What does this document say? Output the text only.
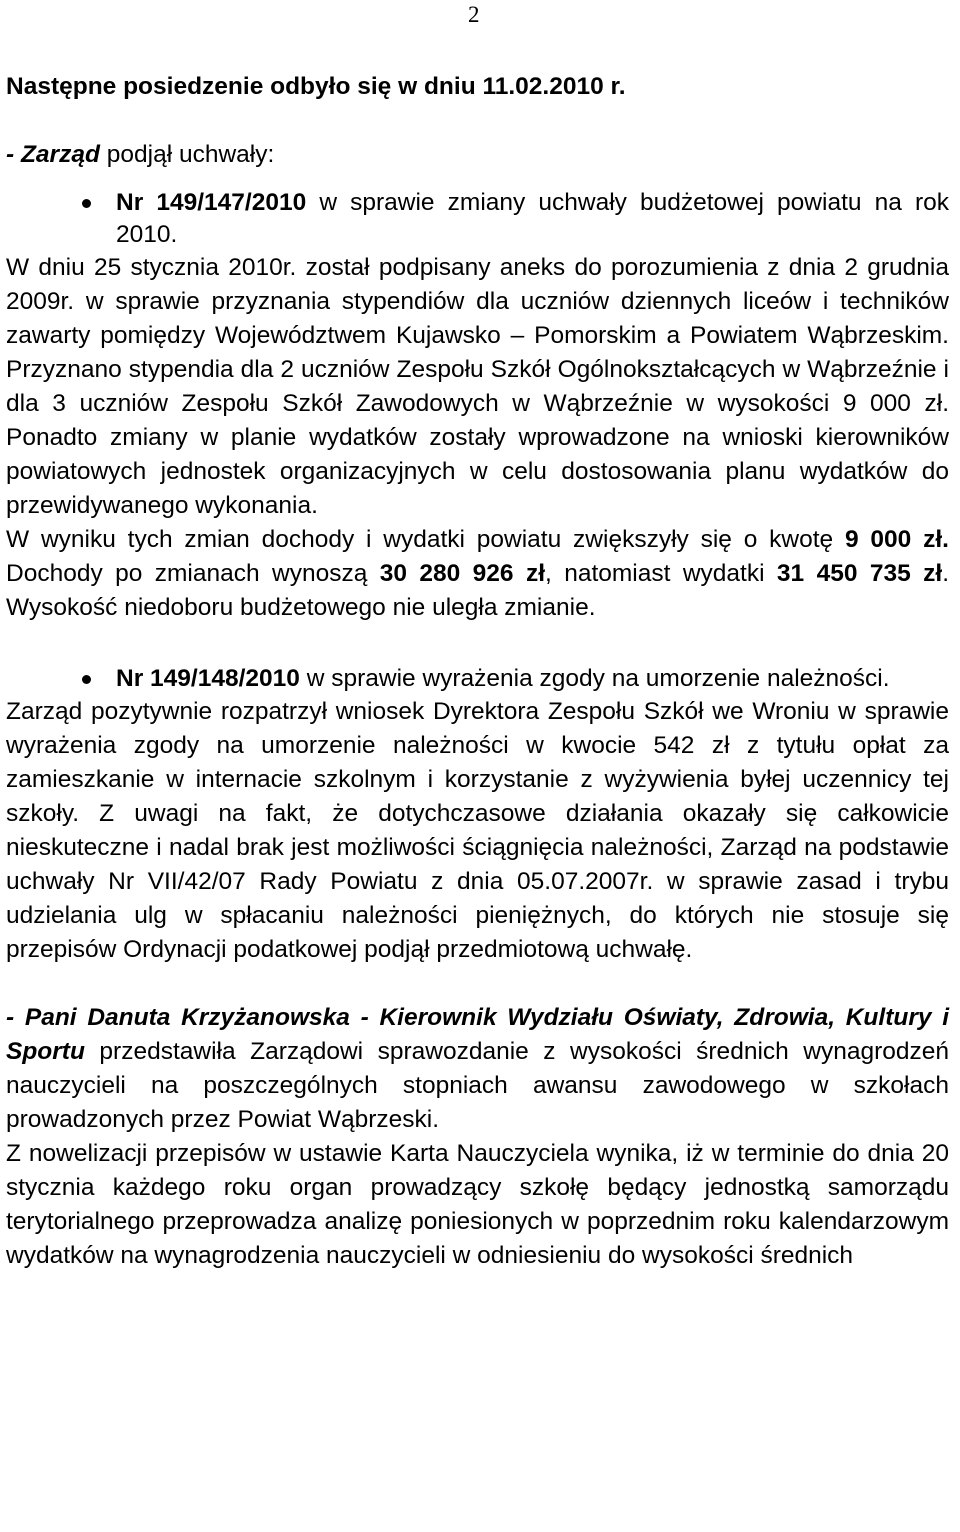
2

Następne posiedzenie odbyło się w dniu 11.02.2010 r.

- Zarząd podjął uchwały:

Nr 149/147/2010 w sprawie zmiany uchwały budżetowej powiatu na rok 2010.

W dniu 25 stycznia 2010r. został podpisany aneks do porozumienia z dnia 2 grudnia 2009r. w sprawie przyznania stypendiów dla uczniów dziennych liceów i techników zawarty pomiędzy Województwem Kujawsko – Pomorskim a Powiatem Wąbrzeskim. Przyznano stypendia dla 2 uczniów Zespołu Szkół Ogólnokształcących w Wąbrzeźnie i dla 3 uczniów Zespołu Szkół Zawodowych w Wąbrzeźnie w wysokości 9 000 zł. Ponadto zmiany w planie wydatków zostały wprowadzone na wnioski kierowników powiatowych jednostek organizacyjnych w celu dostosowania planu wydatków do przewidywanego wykonania.

W wyniku tych zmian dochody i wydatki powiatu zwiększyły się o kwotę 9 000 zł. Dochody po zmianach wynoszą 30 280 926 zł, natomiast wydatki 31 450 735 zł. Wysokość niedoboru budżetowego nie uległa zmianie.

Nr 149/148/2010 w sprawie wyrażenia zgody na umorzenie należności.

Zarząd pozytywnie rozpatrzył wniosek Dyrektora Zespołu Szkół we Wroniu w sprawie wyrażenia zgody na umorzenie należności w kwocie 542 zł z tytułu opłat za zamieszkanie w internacie szkolnym i korzystanie z wyżywienia byłej uczennicy tej szkoły. Z uwagi na fakt, że dotychczasowe działania okazały się całkowicie nieskuteczne i nadal brak jest możliwości ściągnięcia należności, Zarząd na podstawie uchwały Nr VII/42/07 Rady Powiatu z dnia 05.07.2007r. w sprawie zasad i trybu udzielania ulg w spłacaniu należności pieniężnych, do których nie stosuje się przepisów Ordynacji podatkowej podjął przedmiotową uchwałę.

- Pani Danuta Krzyżanowska - Kierownik Wydziału Oświaty, Zdrowia, Kultury i Sportu przedstawiła Zarządowi sprawozdanie z wysokości średnich wynagrodzeń nauczycieli na poszczególnych stopniach awansu zawodowego w szkołach prowadzonych przez Powiat Wąbrzeski.

Z nowelizacji przepisów w ustawie Karta Nauczyciela wynika, iż w terminie do dnia 20 stycznia każdego roku organ prowadzący szkołę będący jednostką samorządu terytorialnego przeprowadza analizę poniesionych w poprzednim roku kalendarzowym wydatków na wynagrodzenia nauczycieli w odniesieniu do wysokości średnich
